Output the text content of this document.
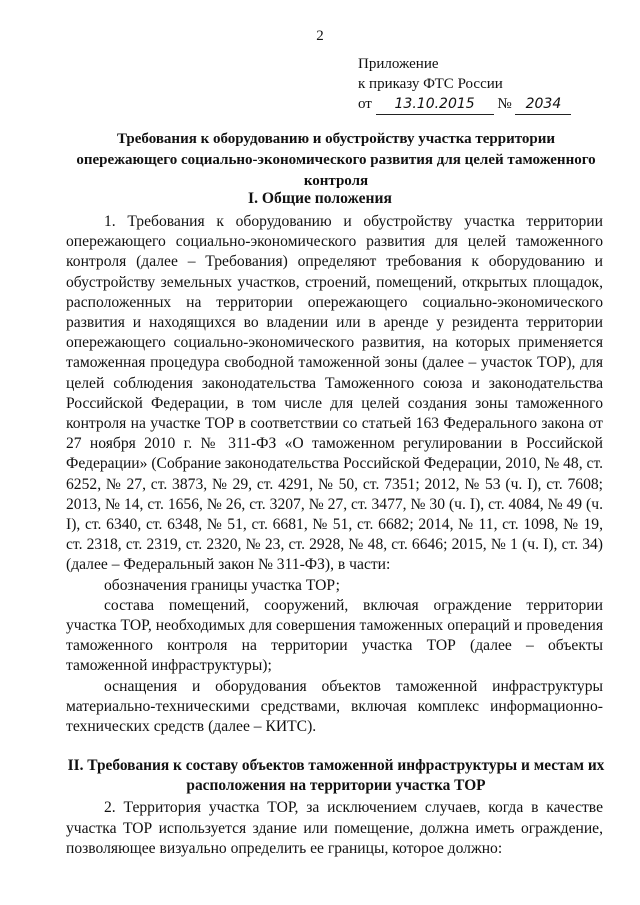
2
Приложение
к приказу ФТС России
от 13.10.2015 № 2034
Требования к оборудованию и обустройству участка территории опережающего социально-экономического развития для целей таможенного контроля
I. Общие положения

1. Требования к оборудованию и обустройству участка территории опережающего социально-экономического развития для целей таможенного контроля (далее – Требования) определяют требования к оборудованию и обустройству земельных участков, строений, помещений, открытых площадок, расположенных на территории опережающего социально-экономического развития и находящихся во владении или в аренде у резидента территории опережающего социально-экономического развития, на которых применяется таможенная процедура свободной таможенной зоны (далее – участок ТОР), для целей соблюдения законодательства Таможенного союза и законодательства Российской Федерации, в том числе для целей создания зоны таможенного контроля на участке ТОР в соответствии со статьей 163 Федерального закона от 27 ноября 2010 г. № 311-ФЗ «О таможенном регулировании в Российской Федерации» (Собрание законодательства Российской Федерации, 2010, № 48, ст. 6252, № 27, ст. 3873, № 29, ст. 4291, № 50, ст. 7351; 2012, № 53 (ч. I), ст. 7608; 2013, № 14, ст. 1656, № 26, ст. 3207, № 27, ст. 3477, № 30 (ч. I), ст. 4084, № 49 (ч. I), ст. 6340, ст. 6348, № 51, ст. 6681, № 51, ст. 6682; 2014, № 11, ст. 1098, № 19, ст. 2318, ст. 2319, ст. 2320, № 23, ст. 2928, № 48, ст. 6646; 2015, № 1 (ч. I), ст. 34) (далее – Федеральный закон № 311-ФЗ), в части:

обозначения границы участка ТОР;

состава помещений, сооружений, включая ограждение территории участка ТОР, необходимых для совершения таможенных операций и проведения таможенного контроля на территории участка ТОР (далее – объекты таможенной инфраструктуры);

оснащения и оборудования объектов таможенной инфраструктуры материально-техническими средствами, включая комплекс информационно-технических средств (далее – КИТС).

II. Требования к составу объектов таможенной инфраструктуры и местам их расположения на территории участка ТОР

2. Территория участка ТОР, за исключением случаев, когда в качестве участка ТОР используется здание или помещение, должна иметь ограждение, позволяющее визуально определить ее границы, которое должно:
